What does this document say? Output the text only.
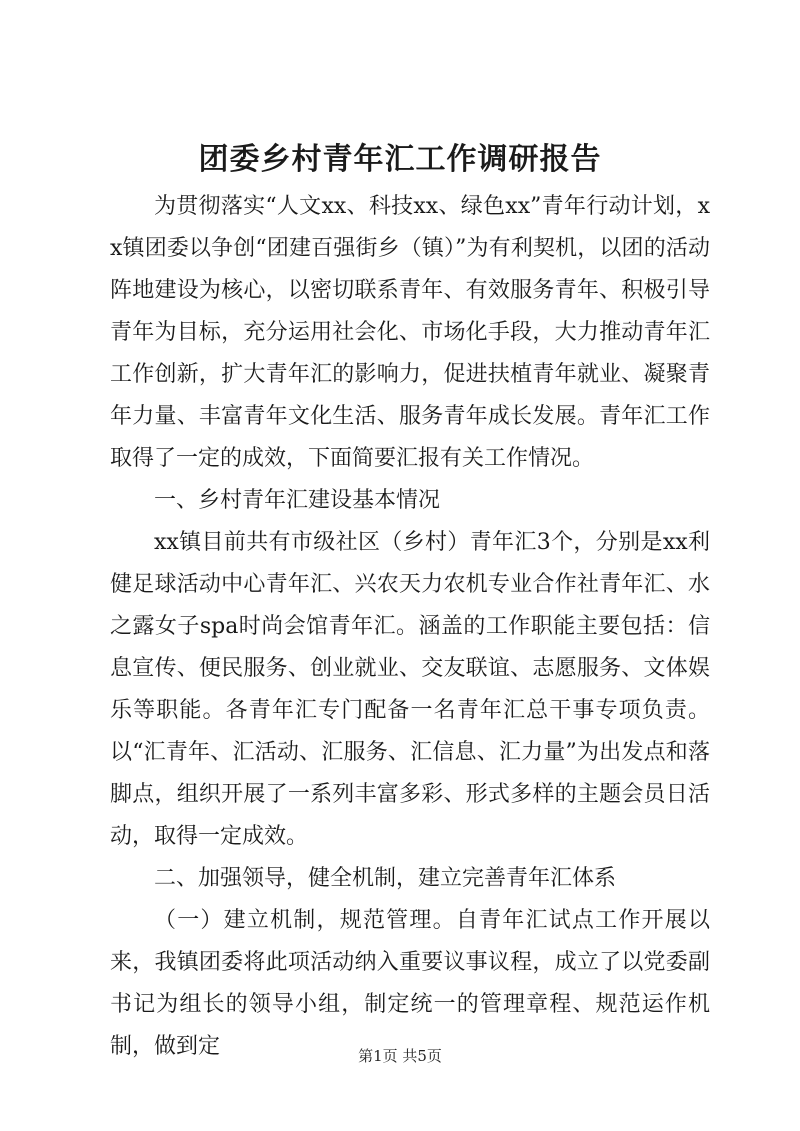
团委乡村青年汇工作调研报告

为贯彻落实“人文xx、科技xx、绿色xx”青年行动计划，xx镇团委以争创“团建百强街乡（镇）”为有利契机，以团的活动阵地建设为核心，以密切联系青年、有效服务青年、积极引导青年为目标，充分运用社会化、市场化手段，大力推动青年汇工作创新，扩大青年汇的影响力，促进扶植青年就业、凝聚青年力量、丰富青年文化生活、服务青年成长发展。青年汇工作取得了一定的成效，下面简要汇报有关工作情况。

一、乡村青年汇建设基本情况

xx镇目前共有市级社区（乡村）青年汇3个，分别是xx利健足球活动中心青年汇、兴农天力农机专业合作社青年汇、水之露女子spa时尚会馆青年汇。涵盖的工作职能主要包括：信息宣传、便民服务、创业就业、交友联谊、志愿服务、文体娱乐等职能。各青年汇专门配备一名青年汇总干事专项负责。以“汇青年、汇活动、汇服务、汇信息、汇力量”为出发点和落脚点，组织开展了一系列丰富多彩、形式多样的主题会员日活动，取得一定成效。

二、加强领导，健全机制，建立完善青年汇体系

（一）建立机制，规范管理。自青年汇试点工作开展以来，我镇团委将此项活动纳入重要议事议程，成立了以党委副书记为组长的领导小组，制定统一的管理章程、规范运作机制，做到定	第1页 共5页
